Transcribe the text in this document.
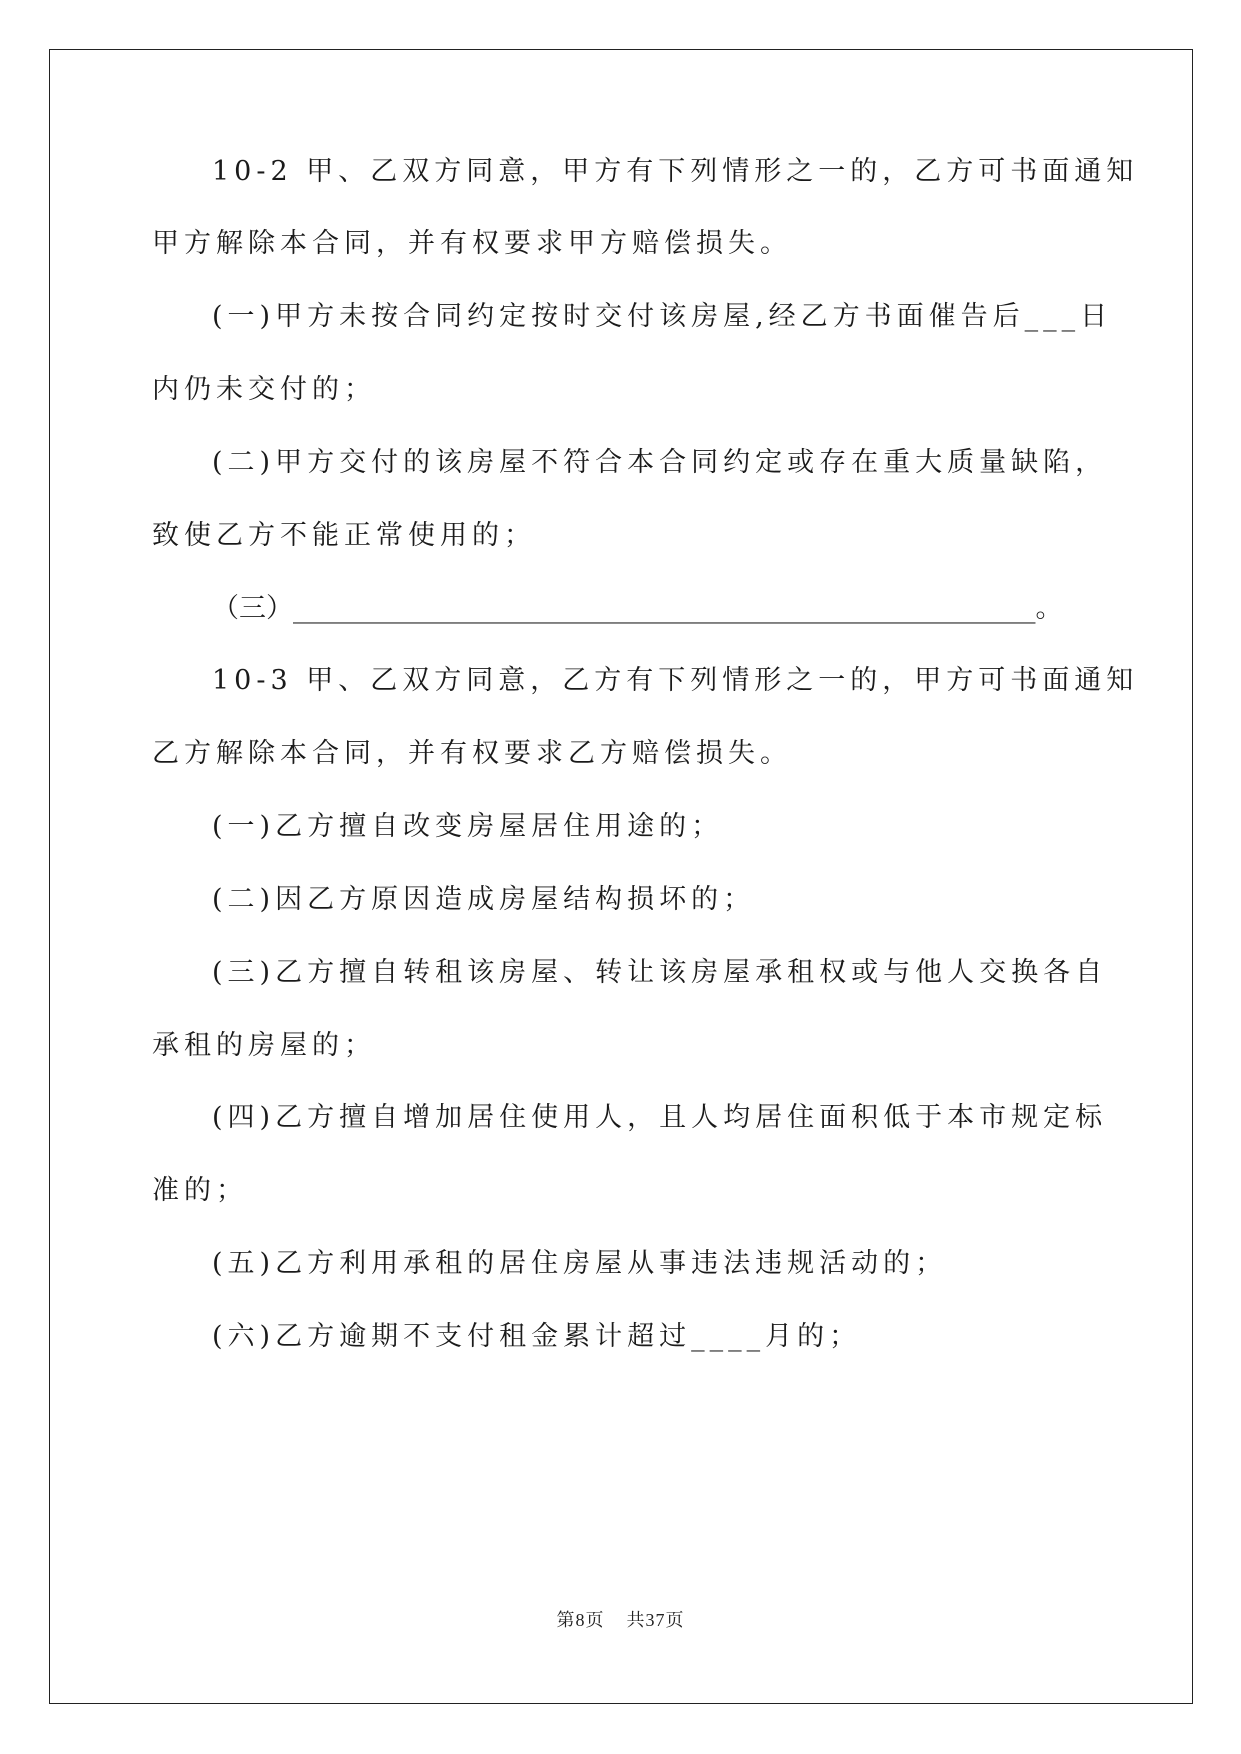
10-2 甲、乙双方同意，甲方有下列情形之一的，乙方可书面通知
甲方解除本合同，并有权要求甲方赔偿损失。
(一)甲方未按合同约定按时交付该房屋,经乙方书面催告后___日
内仍未交付的；
(二)甲方交付的该房屋不符合本合同约定或存在重大质量缺陷，
致使乙方不能正常使用的；
（三）_______________________________________________________。
10-3 甲、乙双方同意，乙方有下列情形之一的，甲方可书面通知
乙方解除本合同，并有权要求乙方赔偿损失。
(一)乙方擅自改变房屋居住用途的；
(二)因乙方原因造成房屋结构损坏的；
(三)乙方擅自转租该房屋、转让该房屋承租权或与他人交换各自
承租的房屋的；
(四)乙方擅自增加居住使用人，且人均居住面积低于本市规定标
准的；
(五)乙方利用承租的居住房屋从事违法违规活动的；
(六)乙方逾期不支付租金累计超过____月的；
第8页 共37页
